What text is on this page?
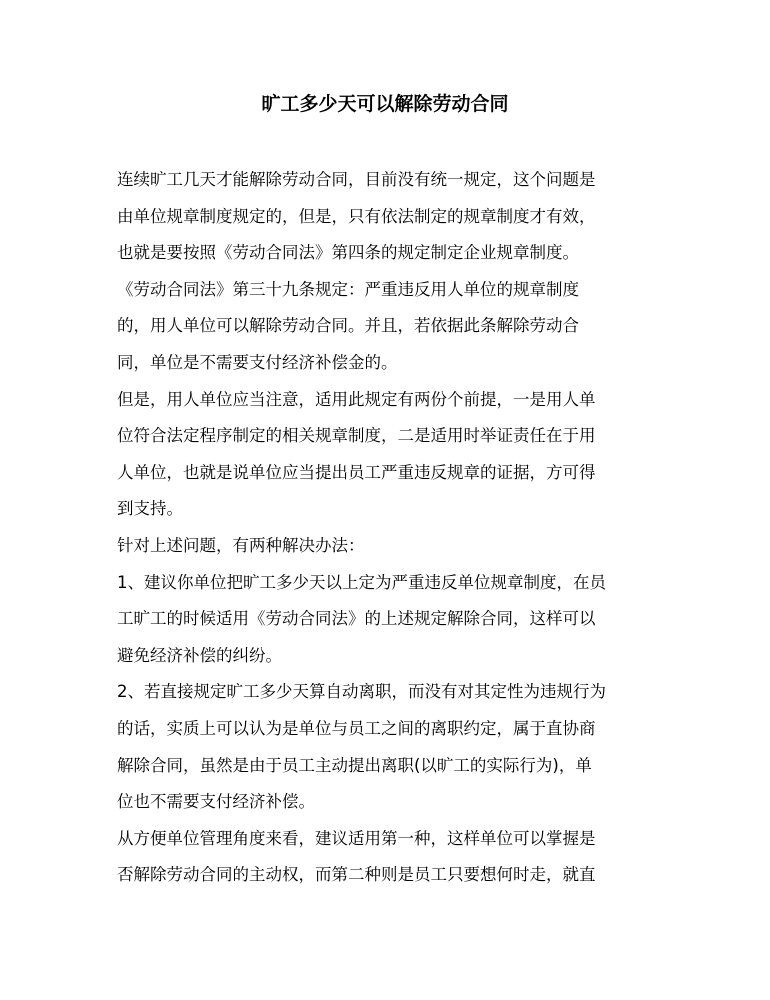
旷工多少天可以解除劳动合同
连续旷工几天才能解除劳动合同，目前没有统一规定，这个问题是
由单位规章制度规定的，但是，只有依法制定的规章制度才有效，
也就是要按照《劳动合同法》第四条的规定制定企业规章制度。
《劳动合同法》第三十九条规定：严重违反用人单位的规章制度
的，用人单位可以解除劳动合同。并且，若依据此条解除劳动合
同，单位是不需要支付经济补偿金的。
但是，用人单位应当注意，适用此规定有两份个前提，一是用人单
位符合法定程序制定的相关规章制度，二是适用时举证责任在于用
人单位，也就是说单位应当提出员工严重违反规章的证据，方可得
到支持。
针对上述问题，有两种解决办法：
1、建议你单位把旷工多少天以上定为严重违反单位规章制度，在员
工旷工的时候适用《劳动合同法》的上述规定解除合同，这样可以
避免经济补偿的纠纷。
2、若直接规定旷工多少天算自动离职，而没有对其定性为违规行为
的话，实质上可以认为是单位与员工之间的离职约定，属于直协商
解除合同，虽然是由于员工主动提出离职(以旷工的实际行为)，单
位也不需要支付经济补偿。
从方便单位管理角度来看，建议适用第一种，这样单位可以掌握是
否解除劳动合同的主动权，而第二种则是员工只要想何时走，就直
